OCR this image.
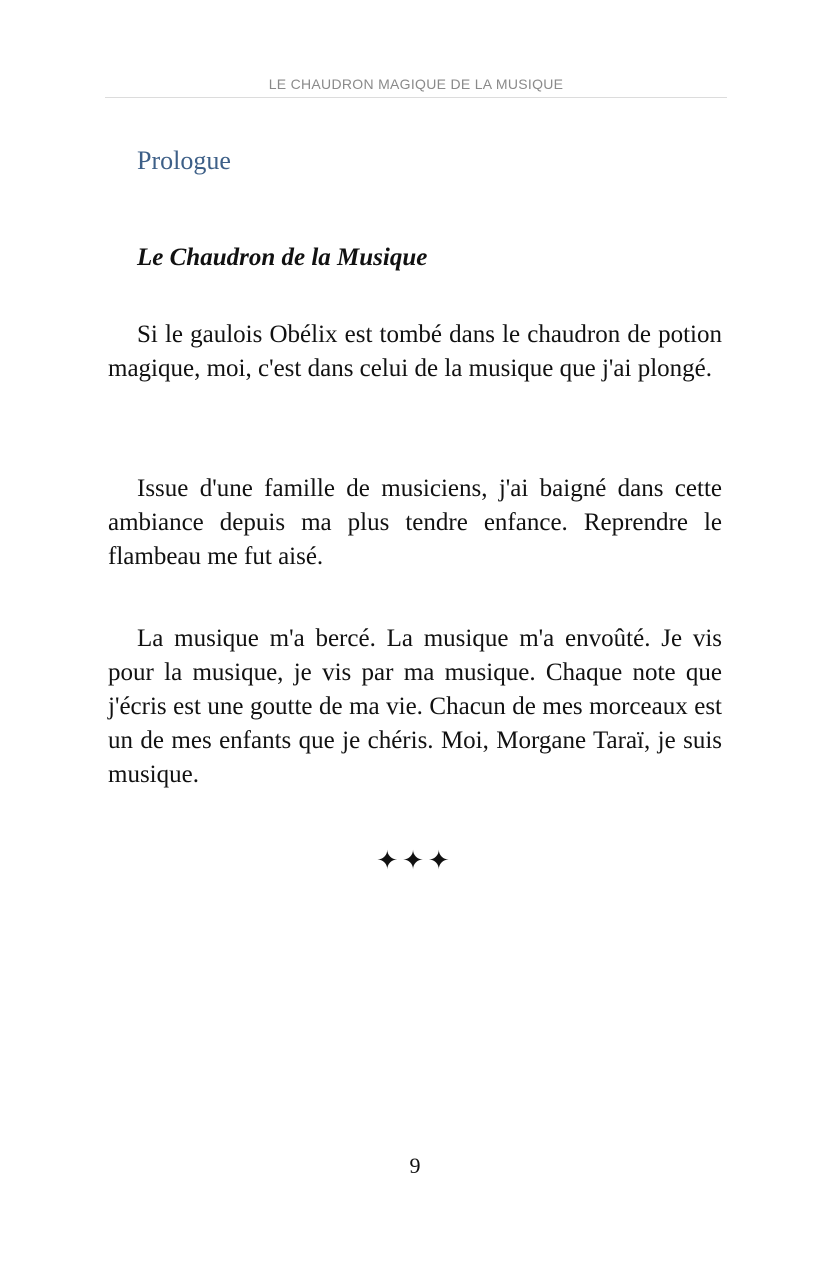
LE CHAUDRON MAGIQUE DE LA MUSIQUE
Prologue
Le Chaudron de la Musique

Si le gaulois Obélix est tombé dans le chaudron de potion magique, moi, c'est dans celui de la musique que j'ai plongé.

Issue d'une famille de musiciens, j'ai baigné dans cette ambiance depuis ma plus tendre enfance. Reprendre le flambeau me fut aisé.

La musique m'a bercé. La musique m'a envoûté. Je vis pour la musique, je vis par ma musique. Chaque note que j'écris est une goutte de ma vie. Chacun de mes morceaux est un de mes enfants que je chéris. Moi, Morgane Taraï, je suis musique.

✦✦✦
9
